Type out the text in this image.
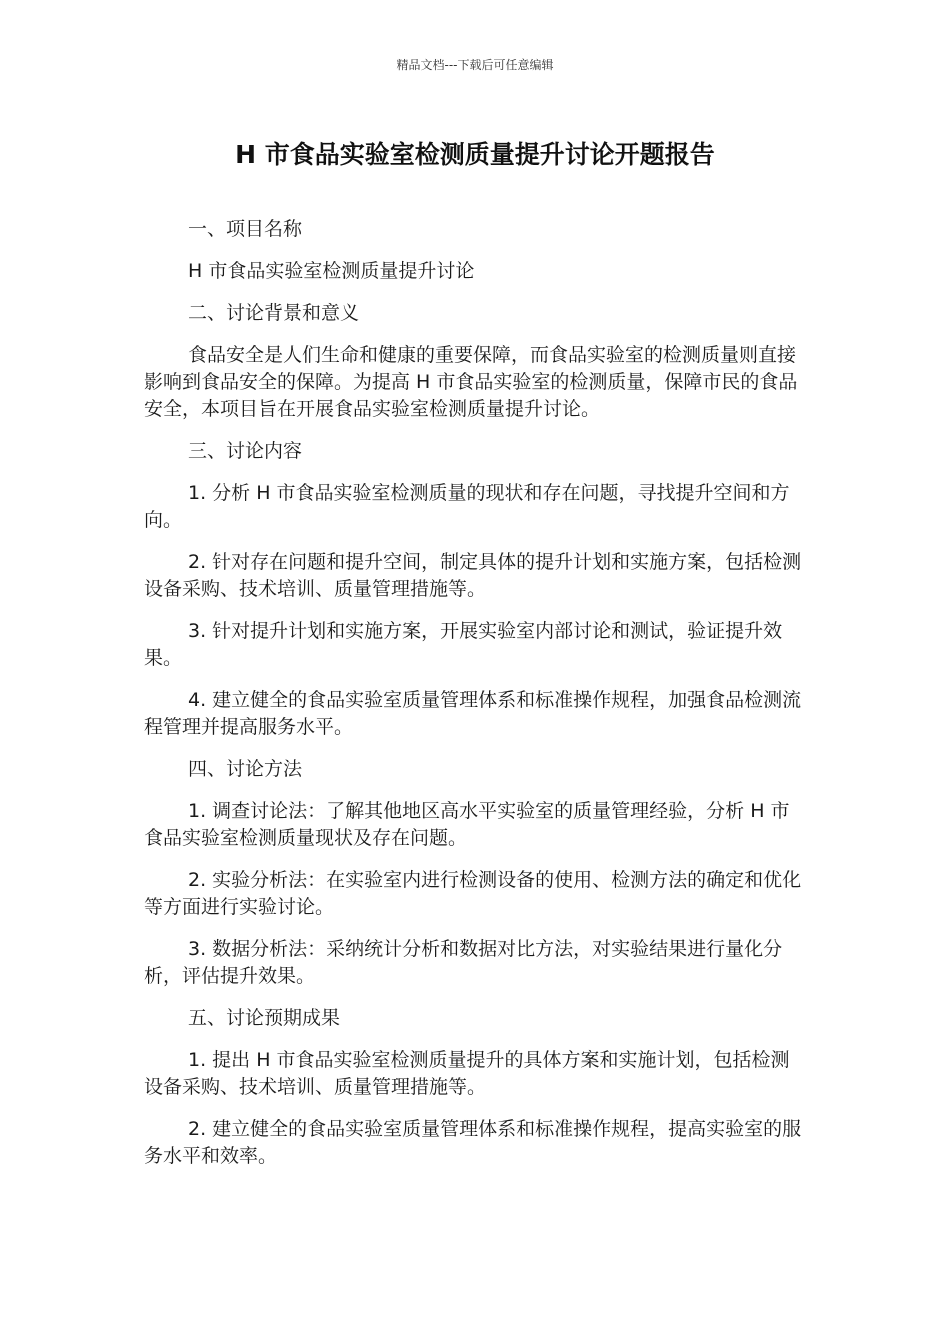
精品文档---下载后可任意编辑
H 市食品实验室检测质量提升讨论开题报告

一、项目名称

H 市食品实验室检测质量提升讨论

二、讨论背景和意义

食品安全是人们生命和健康的重要保障，而食品实验室的检测质量则直接影响到食品安全的保障。为提高 H 市食品实验室的检测质量，保障市民的食品安全，本项目旨在开展食品实验室检测质量提升讨论。

三、讨论内容

1. 分析 H 市食品实验室检测质量的现状和存在问题，寻找提升空间和方向。

2. 针对存在问题和提升空间，制定具体的提升计划和实施方案，包括检测设备采购、技术培训、质量管理措施等。

3. 针对提升计划和实施方案，开展实验室内部讨论和测试，验证提升效果。

4. 建立健全的食品实验室质量管理体系和标准操作规程，加强食品检测流程管理并提高服务水平。

四、讨论方法

1. 调查讨论法：了解其他地区高水平实验室的质量管理经验，分析 H 市食品实验室检测质量现状及存在问题。

2. 实验分析法：在实验室内进行检测设备的使用、检测方法的确定和优化等方面进行实验讨论。

3. 数据分析法：采纳统计分析和数据对比方法，对实验结果进行量化分析，评估提升效果。

五、讨论预期成果

1. 提出 H 市食品实验室检测质量提升的具体方案和实施计划，包括检测设备采购、技术培训、质量管理措施等。

2. 建立健全的食品实验室质量管理体系和标准操作规程，提高实验室的服务水平和效率。
